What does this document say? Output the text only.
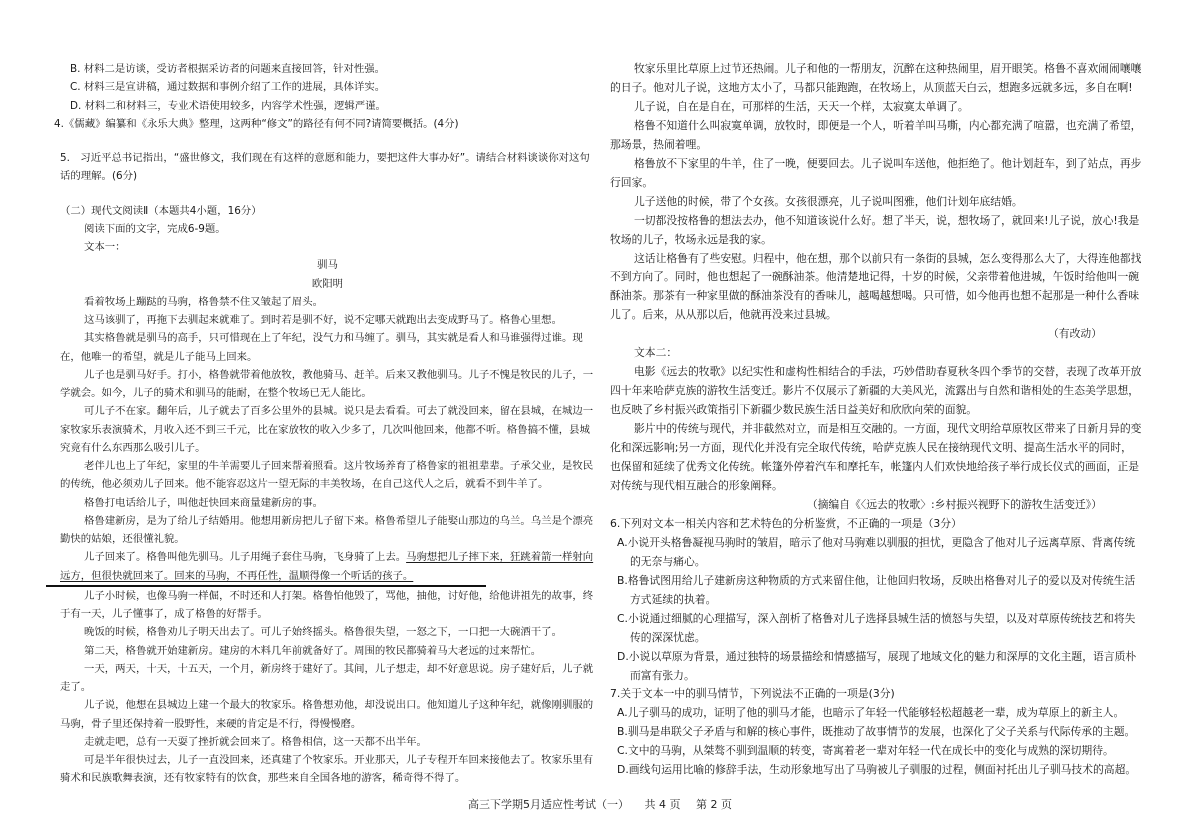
B. 材料二是访谈，受访者根据采访者的问题来直接回答，针对性强。

C. 材料三是宣讲稿，通过数据和事例介绍了工作的进展，具体详实。

D. 材料二和材料三，专业术语使用较多，内容学术性强，逻辑严谨。

4.《儒藏》编纂和《永乐大典》整理，这两种“修文”的路径有何不同?请简要概括。(4分)

5.　习近平总书记指出，“盛世修文，我们现在有这样的意愿和能力，要把这件大事办好”。请结合材料谈谈你对这句话的理解。(6分)

（二）现代文阅读Ⅱ（本题共4小题，16分）

阅读下面的文字，完成6-9题。

文本一：

驯马

欧阳明

看着牧场上蹦跶的马驹，格鲁禁不住又皱起了眉头。

这马该驯了，再拖下去驯起来就难了。到时若是驯不好，说不定哪天就跑出去变成野马了。格鲁心里想。

其实格鲁就是驯马的高手，只可惜现在上了年纪，没气力和马缠了。驯马，其实就是看人和马谁强得过谁。现在，他唯一的希望，就是儿子能马上回来。

儿子也是驯马好手。打小，格鲁就带着他放牧，教他骑马、赶羊。后来又教他驯马。儿子不愧是牧民的儿子，一学就会。如今，儿子的骑术和驯马的能耐，在整个牧场已无人能比。

可儿子不在家。翻年后，儿子就去了百多公里外的县城。说只是去看看。可去了就没回来，留在县城，在城边一家牧家乐表演骑术，月收入还不到三千元，比在家放牧的收入少多了，几次叫他回来，他都不听。格鲁搞不懂，县城究竟有什么东西那么吸引儿子。

老伴儿也上了年纪，家里的牛羊需要儿子回来帮着照看。这片牧场养育了格鲁家的祖祖辈辈。子承父业，是牧民的传统，他必须劝儿子回来。他不能容忍这片一望无际的丰美牧场，在自己这代人之后，就看不到牛羊了。

格鲁打电话给儿子，叫他赶快回来商量建新房的事。

格鲁建新房，是为了给儿子结婚用。他想用新房把儿子留下来。格鲁希望儿子能娶山那边的乌兰。乌兰是个漂亮勤快的姑娘，还很懂礼貌。

儿子回来了。格鲁叫他先驯马。儿子用绳子套住马驹，飞身骑了上去。马驹想把儿子摔下来，狂跳着箭一样射向远方，但很快就回来了。回来的马驹，不再任性，温顺得像一个听话的孩子。

儿子小时候，也像马驹一样倔，不时还和人打架。格鲁怕他毁了，骂他，抽他，讨好他，给他讲祖先的故事，终于有一天，儿子懂事了，成了格鲁的好帮手。

晚饭的时候，格鲁劝儿子明天出去了。可儿子始终摇头。格鲁很失望，一怒之下，一口把一大碗酒干了。

第二天，格鲁就开始建新房。建房的木料几年前就备好了。周围的牧民都骑着马大老远的过来帮忙。

一天，两天，十天，十五天，一个月，新房终于建好了。其间，儿子想走，却不好意思说。房子建好后，儿子就走了。

儿子说，他想在县城边上建一个最大的牧家乐。格鲁想劝他，却没说出口。他知道儿子这种年纪，就像刚驯服的马驹，骨子里还保持着一股野性，来硬的肯定是不行，得慢慢磨。

走就走吧，总有一天耍了挫折就会回来了。格鲁相信，这一天都不出半年。

可是半年很快过去，儿子一直没回来，还真建了个牧家乐。开业那天，儿子专程开车回来接他去了。牧家乐里有骑术和民族歌舞表演，还有牧家特有的饮食，那些来自全国各地的游客，稀奇得不得了。

牧家乐里比草原上过节还热闹。儿子和他的一帮朋友，沉醉在这种热闹里，眉开眼笑。格鲁不喜欢闹闹嚷嚷的日子。他对儿子说，这地方太小了，马都只能跑跑，在牧场上，从顶蓝天白云，想跑多远就多远，多自在啊!

儿子说，自在是自在，可那样的生活，天天一个样，太寂寞太单调了。

格鲁不知道什么叫寂寞单调，放牧时，即便是一个人，听着羊叫马嘶，内心都充满了喧嚣，也充满了希望，那场景，热闹着哩。

格鲁放不下家里的牛羊，住了一晚，便要回去。儿子说叫车送他，他拒绝了。他计划赶车，到了站点，再步行回家。

儿子送他的时候，带了个女孩。女孩很漂亮，儿子说叫图雅，他们计划年底结婚。

一切都没按格鲁的想法去办，他不知道该说什么好。想了半天，说，想牧场了，就回来!儿子说，放心!我是牧场的儿子，牧场永远是我的家。

这话让格鲁有了些安慰。归程中，他在想，那个以前只有一条街的县城，怎么变得那么大了，大得连他都找不到方向了。同时，他也想起了一碗酥油茶。他清楚地记得，十岁的时候，父亲带着他进城，午饭时给他叫一碗酥油茶。那茶有一种家里做的酥油茶没有的香味儿，越喝越想喝。只可惜，如今他再也想不起那是一种什么香味儿了。后来，从从那以后，他就再没来过县城。

（有改动）

文本二：

电影《远去的牧歌》以纪实性和虚构性相结合的手法，巧妙借助春夏秋冬四个季节的交替，表现了改革开放四十年来哈萨克族的游牧生活变迁。影片不仅展示了新疆的大美风光，流露出与自然和谐相处的生态美学思想，也反映了乡村振兴政策指引下新疆少数民族生活日益美好和欣欣向荣的面貌。

影片中的传统与现代，并非截然对立，而是相互交融的。一方面，现代文明给草原牧区带来了日新月异的变化和深远影响;另一方面，现代化并没有完全取代传统，哈萨克族人民在接纳现代文明、提高生活水平的同时，也保留和延续了优秀文化传统。帐篷外停着汽车和摩托车，帐篷内人们欢快地给孩子举行成长仪式的画面，正是对传统与现代相互融合的形象阐释。

（摘编自《〈远去的牧歌〉:乡村振兴视野下的游牧生活变迁》）

6.下列对文本一相关内容和艺术特色的分析鉴赏，不正确的一项是（3分）

A.小说开头格鲁凝视马驹时的皱眉，暗示了他对马驹难以驯服的担忧，更隐含了他对儿子远离草原、背离传统的无奈与痛心。

B.格鲁试图用给儿子建新房这种物质的方式来留住他，让他回归牧场，反映出格鲁对儿子的爱以及对传统生活方式延续的执着。

C.小说通过细腻的心理描写，深入剖析了格鲁对儿子选择县城生活的愤怒与失望，以及对草原传统技艺和将失传的深深忧虑。

D.小说以草原为背景，通过独特的场景描绘和情感描写，展现了地域文化的魅力和深厚的文化主题，语言质朴而富有张力。

7.关于文本一中的驯马情节，下列说法不正确的一项是(3分)

A.儿子驯马的成功，证明了他的驯马才能，也暗示了年轻一代能够轻松超越老一辈，成为草原上的新主人。

B.驯马是串联父子矛盾与和解的核心事件，既推动了故事情节的发展，也深化了父子关系与代际传承的主题。

C.文中的马驹，从桀骜不驯到温顺的转变，寄寓着老一辈对年轻一代在成长中的变化与成熟的深切期待。

D.画线句运用比喻的修辞手法，生动形象地写出了马驹被儿子驯服的过程，侧面衬托出儿子驯马技术的高超。

高三下学期5月适应性考试（一） 共 4 页 第 2 页
